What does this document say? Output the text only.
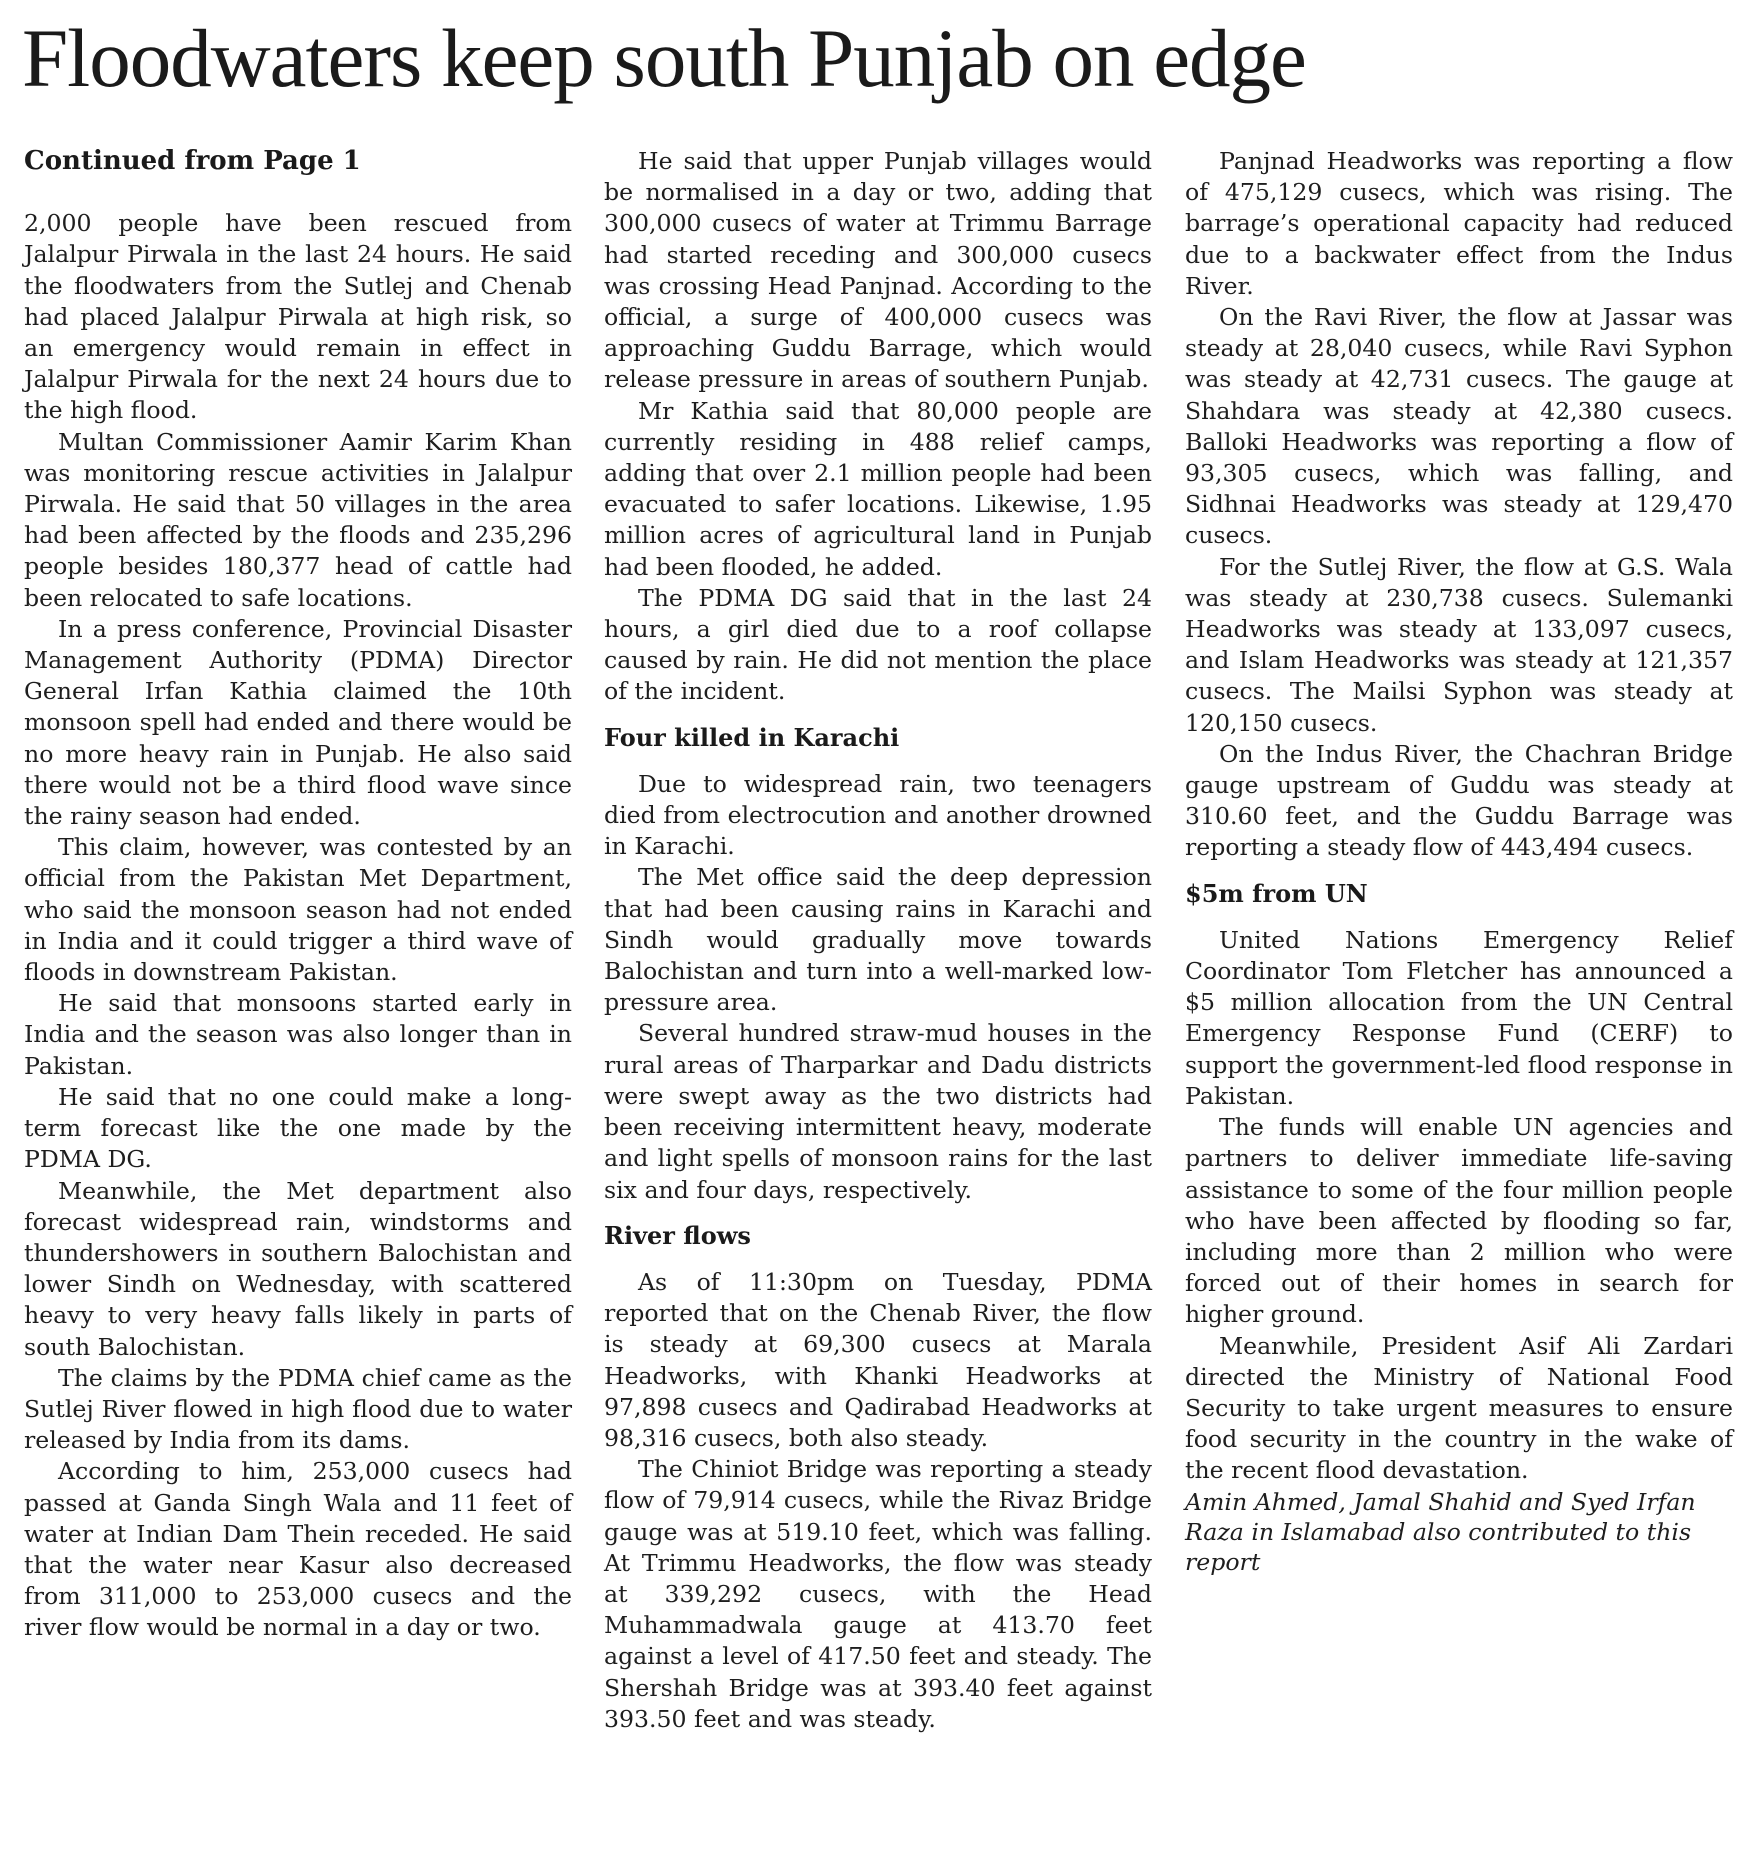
Floodwaters keep south Punjab on edge
Continued from Page 1

2,000 people have been rescued from Jalalpur Pirwala in the last 24 hours. He said the floodwaters from the Sutlej and Chenab had placed Jalalpur Pirwala at high risk, so an emergency would remain in effect in Jalalpur Pirwala for the next 24 hours due to the high flood.

Multan Commissioner Aamir Karim Khan was monitoring rescue activities in Jalalpur Pirwala. He said that 50 villages in the area had been affected by the floods and 235,296 people besides 180,377 head of cattle had been relocated to safe locations.

In a press conference, Provincial Disaster Management Authority (PDMA) Director General Irfan Kathia claimed the 10th monsoon spell had ended and there would be no more heavy rain in Punjab. He also said there would not be a third flood wave since the rainy season had ended.

This claim, however, was contested by an official from the Pakistan Met Department, who said the monsoon season had not ended in India and it could trigger a third wave of floods in downstream Pakistan.

He said that monsoons started early in India and the season was also longer than in Pakistan.

He said that no one could make a long-term forecast like the one made by the PDMA DG.

Meanwhile, the Met department also forecast widespread rain, windstorms and thundershowers in southern Balochistan and lower Sindh on Wednesday, with scattered heavy to very heavy falls likely in parts of south Balochistan.

The claims by the PDMA chief came as the Sutlej River flowed in high flood due to water released by India from its dams.

According to him, 253,000 cusecs had passed at Ganda Singh Wala and 11 feet of water at Indian Dam Thein receded. He said that the water near Kasur also decreased from 311,000 to 253,000 cusecs and the river flow would be normal in a day or two.

He said that upper Punjab villages would be normalised in a day or two, adding that 300,000 cusecs of water at Trimmu Barrage had started receding and 300,000 cusecs was crossing Head Panjnad. According to the official, a surge of 400,000 cusecs was approaching Guddu Barrage, which would release pressure in areas of southern Punjab.

Mr Kathia said that 80,000 people are currently residing in 488 relief camps, adding that over 2.1 million people had been evacuated to safer locations. Likewise, 1.95 million acres of agricultural land in Punjab had been flooded, he added.

The PDMA DG said that in the last 24 hours, a girl died due to a roof collapse caused by rain. He did not mention the place of the incident.

Four killed in Karachi

Due to widespread rain, two teenagers died from electrocution and another drowned in Karachi.

The Met office said the deep depression that had been causing rains in Karachi and Sindh would gradually move towards Balochistan and turn into a well-marked low-pressure area.

Several hundred straw-mud houses in the rural areas of Tharparkar and Dadu districts were swept away as the two districts had been receiving intermittent heavy, moderate and light spells of monsoon rains for the last six and four days, respectively.

River flows

As of 11:30pm on Tuesday, PDMA reported that on the Chenab River, the flow is steady at 69,300 cusecs at Marala Headworks, with Khanki Headworks at 97,898 cusecs and Qadirabad Headworks at 98,316 cusecs, both also steady.

The Chiniot Bridge was reporting a steady flow of 79,914 cusecs, while the Rivaz Bridge gauge was at 519.10 feet, which was falling. At Trimmu Headworks, the flow was steady at 339,292 cusecs, with the Head Muhammadwala gauge at 413.70 feet against a level of 417.50 feet and steady. The Shershah Bridge was at 393.40 feet against 393.50 feet and was steady.

Panjnad Headworks was reporting a flow of 475,129 cusecs, which was rising. The barrage’s operational capacity had reduced due to a backwater effect from the Indus River.

On the Ravi River, the flow at Jassar was steady at 28,040 cusecs, while Ravi Syphon was steady at 42,731 cusecs. The gauge at Shahdara was steady at 42,380 cusecs. Balloki Headworks was reporting a flow of 93,305 cusecs, which was falling, and Sidhnai Headworks was steady at 129,470 cusecs.

For the Sutlej River, the flow at G.S. Wala was steady at 230,738 cusecs. Sulemanki Headworks was steady at 133,097 cusecs, and Islam Headworks was steady at 121,357 cusecs. The Mailsi Syphon was steady at 120,150 cusecs.

On the Indus River, the Chachran Bridge gauge upstream of Guddu was steady at 310.60 feet, and the Guddu Barrage was reporting a steady flow of 443,494 cusecs.

$5m from UN

United Nations Emergency Relief Coordinator Tom Fletcher has announced a $5 million allocation from the UN Central Emergency Response Fund (CERF) to support the government-led flood response in Pakistan.

The funds will enable UN agencies and partners to deliver immediate life-saving assistance to some of the four million people who have been affected by flooding so far, including more than 2 million who were forced out of their homes in search for higher ground.

Meanwhile, President Asif Ali Zardari directed the Ministry of National Food Security to take urgent measures to ensure food security in the country in the wake of the recent flood devastation.

Amin Ahmed, Jamal Shahid and Syed Irfan Raza in Islamabad also contributed to this report
